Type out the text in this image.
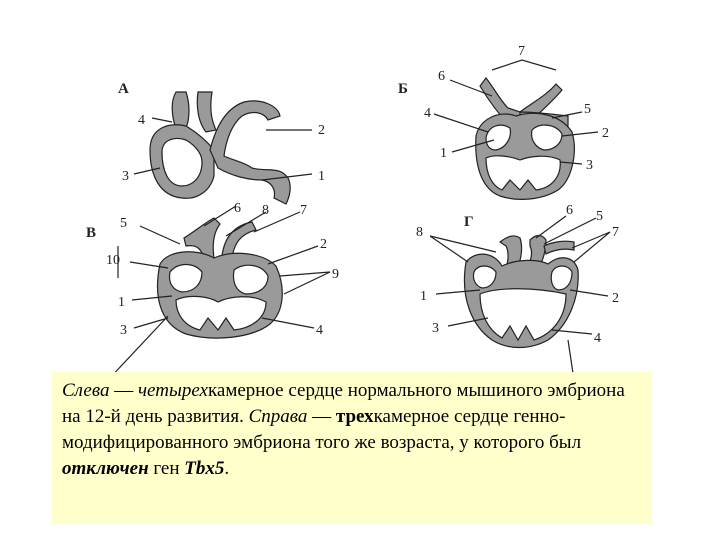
А
4
3
2
1
Б
7
6
4
1
5
2
3
В
5
6 8 7
10
2
9
1
3	4
Г
8
6 5
7
1
3
2
4
Слева — четырехкамерное сердце нормального мышиного эмбриона на 12-й день развития. Справа — трехкамерное сердце генно-модифицированного эмбриона того же возраста, у которого был отключен ген Tbx5.
